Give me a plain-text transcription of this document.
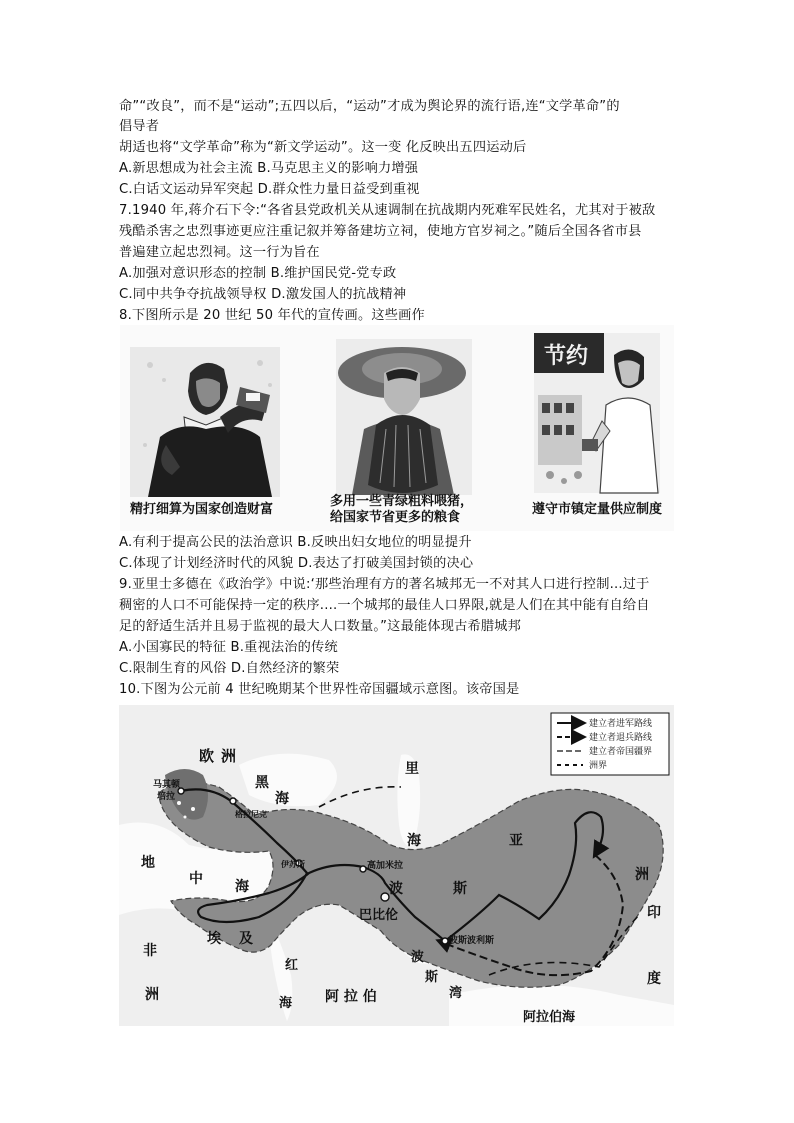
命”“改良”，而不是“运动”;五四以后，“运动”才成为舆论界的流行语,连“文学革命”的
倡导者
胡适也将“文学革命”称为“新文学运动”。这一变 化反映出五四运动后
A.新思想成为社会主流 B.马克思主义的影响力增强
C.白话文运动异军突起 D.群众性力量日益受到重视
7.1940 年,蒋介石下令:“各省县党政机关从速调制在抗战期内死难军民姓名，尤其对于被敌
残酷杀害之忠烈事迹更应注重记叙并筹备建坊立祠，使地方官岁祠之。”随后全国各省市县
普遍建立起忠烈祠。这一行为旨在
A.加强对意识形态的控制 B.维护国民党-党专政
C.同中共争夺抗战领导权 D.激发国人的抗战精神
8.下图所示是 20 世纪 50 年代的宣传画。这些画作
精打细算为国家创造财富
多用一些青绿粗料喂猪，
给国家节省更多的粮食
节约
遵守市镇定量供应制度
A.有利于提高公民的法治意识 B.反映出妇女地位的明显提升
C.体现了计划经济时代的风貌 D.表达了打破美国封锁的决心
9.亚里士多德在《政治学》中说:‘那些治理有方的著名城邦无一不对其人口进行控制...过于
稠密的人口不可能保持一定的秩序....一个城邦的最佳人口界限,就是人们在其中能有自给自
足的舒适生活并且易于监视的最大人口数量。”这最能体现古希腊城邦
A.小国寡民的特征 B.重视法治的传统
C.限制生育的风俗 D.自然经济的繁荣
10.下图为公元前 4 世纪晚期某个世界性帝国疆域示意图。该帝国是
建立者进军路线
建立者退兵路线
建立者帝国疆界
洲界
欧 洲
马其顿
培拉
黑
海
里
海
地
中 海
非
洲
埃 及
红
海 阿 拉 伯
巴比伦
波	斯
波
斯
湾
波斯波利斯
高加米拉
伊苏斯
格拉尼克
亚
洲
印
度
阿拉伯海
